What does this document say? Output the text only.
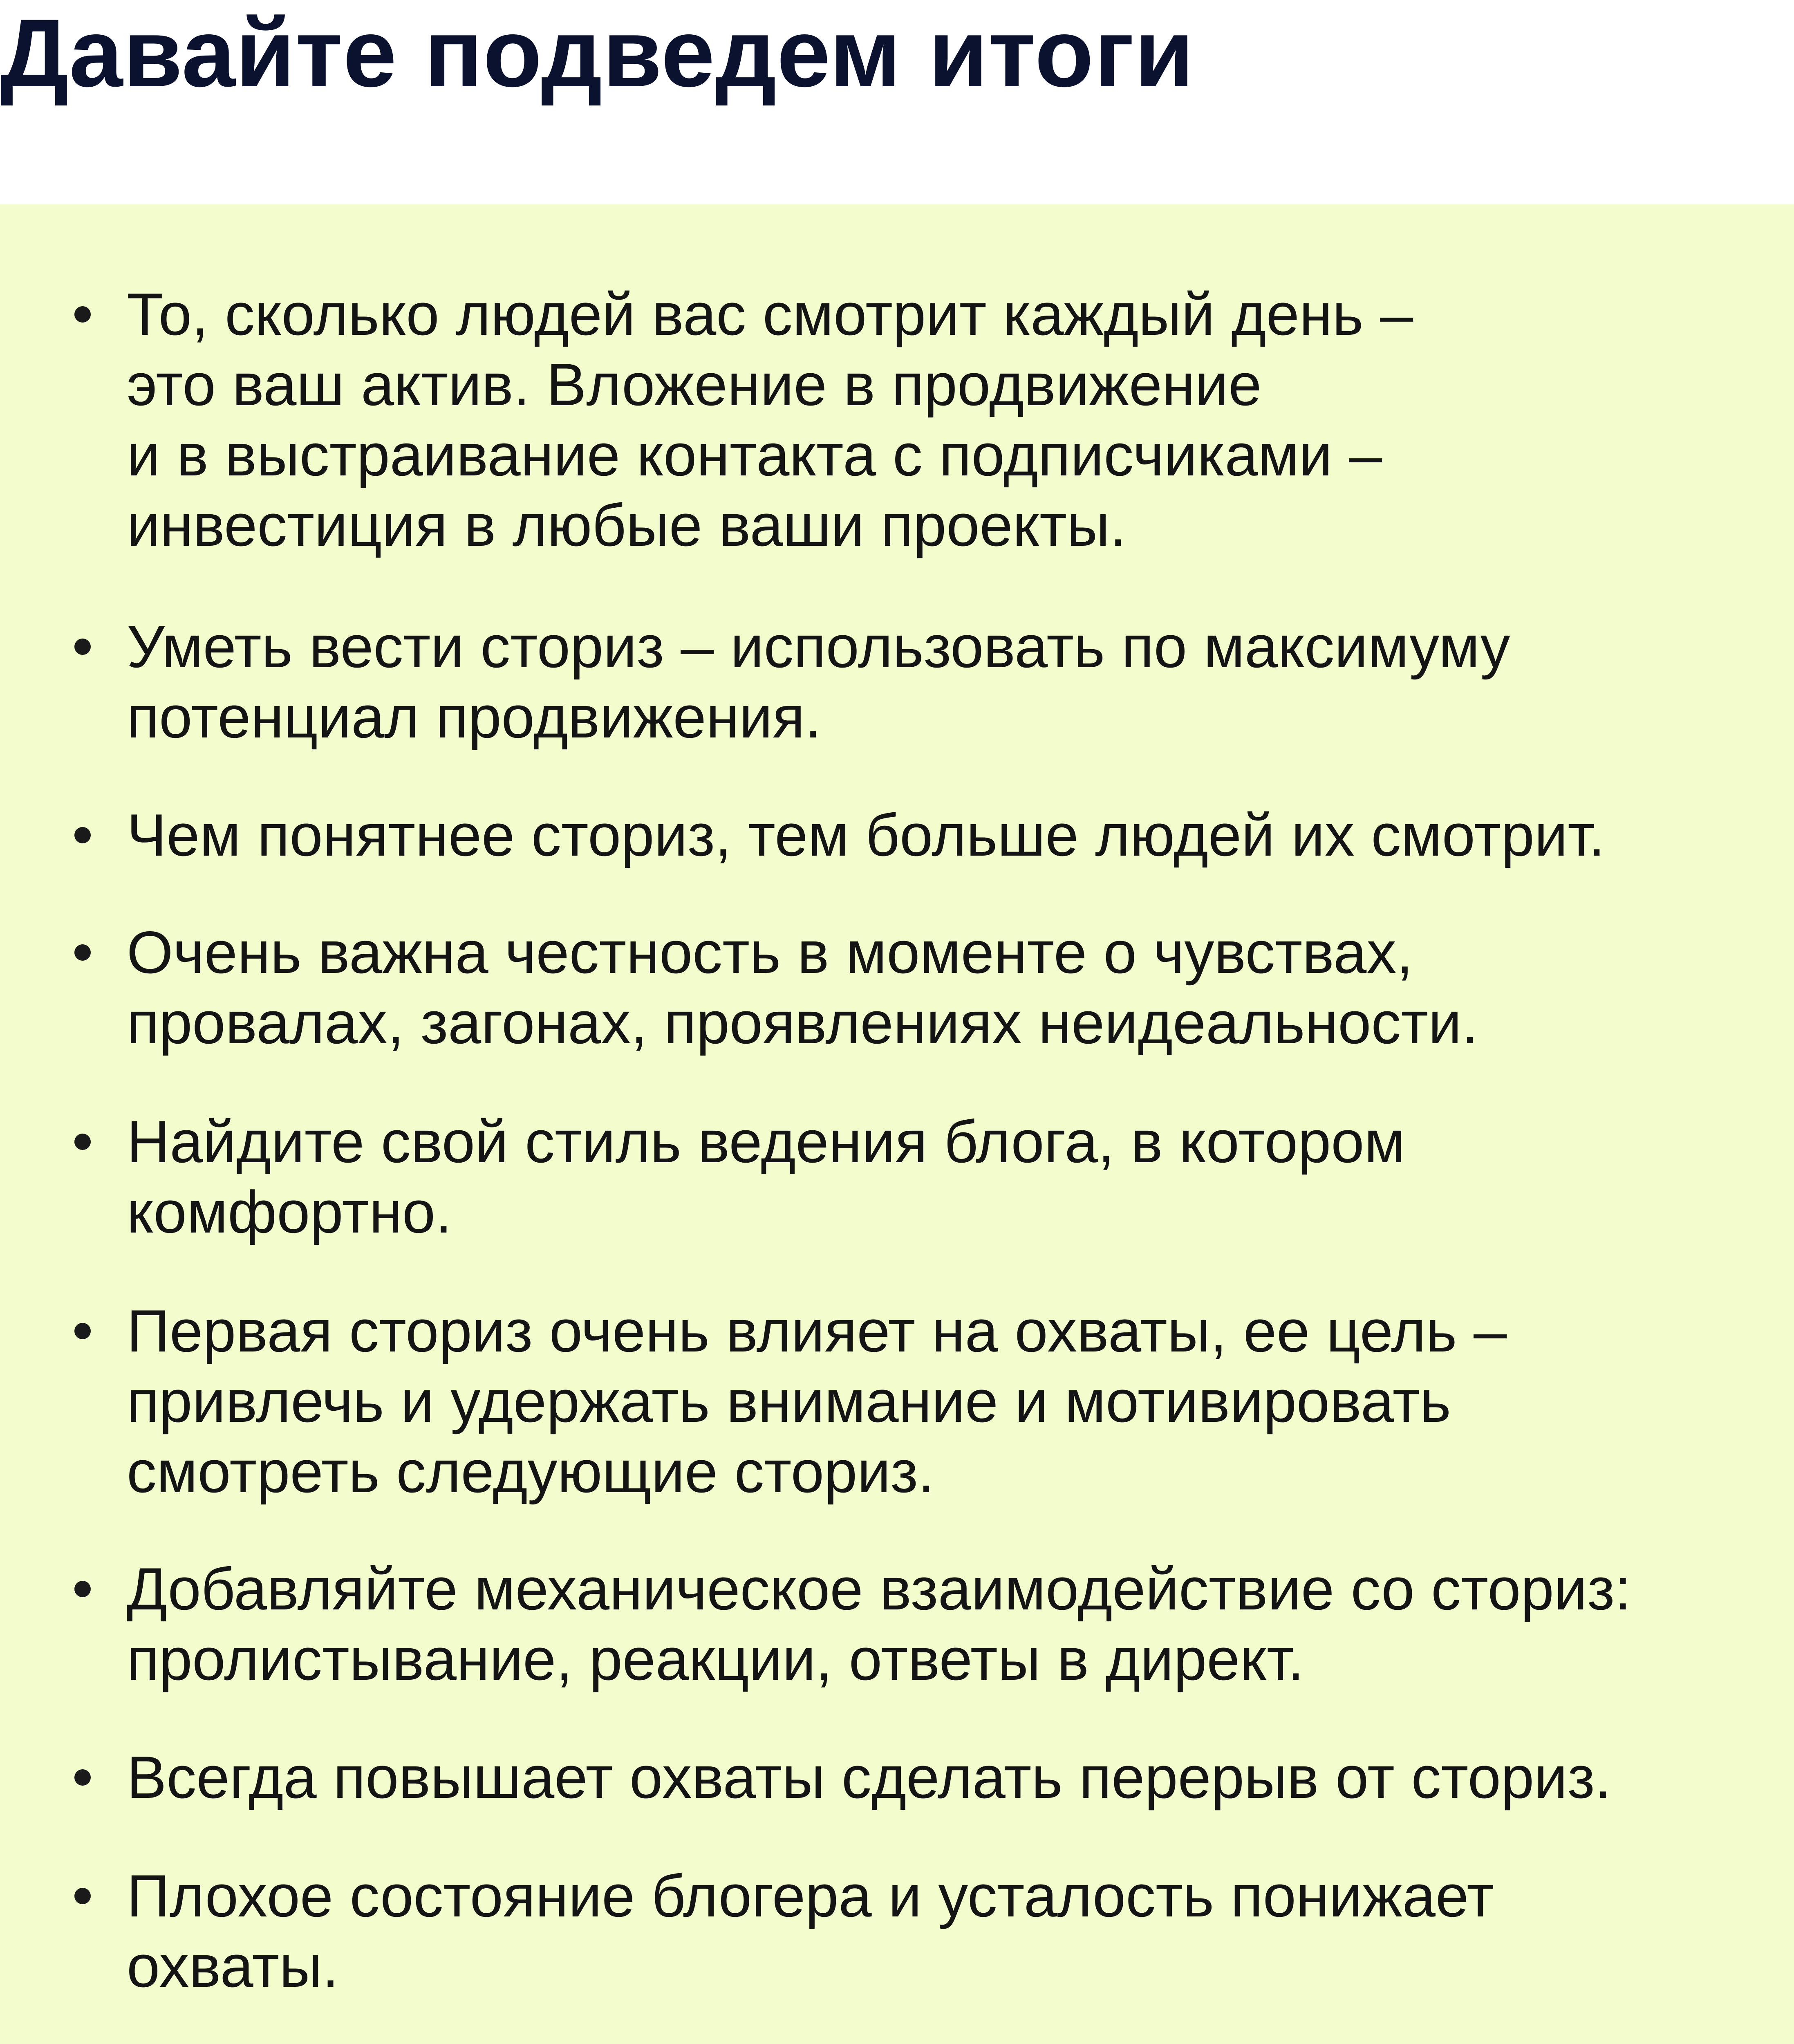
Давайте подведем итоги
То, сколько людей вас смотрит каждый день –
это ваш актив. Вложение в продвижение
и в выстраивание контакта с подписчиками –
инвестиция в любые ваши проекты.
Уметь вести сториз – использовать по максимуму
потенциал продвижения.
Чем понятнее сториз, тем больше людей их смотрит.
Очень важна честность в моменте о чувствах,
провалах, загонах, проявлениях неидеальности.
Найдите свой стиль ведения блога, в котором
комфортно.
Первая сториз очень влияет на охваты, ее цель –
привлечь и удержать внимание и мотивировать
смотреть следующие сториз.
Добавляйте механическое взаимодействие со сториз:
пролистывание, реакции, ответы в директ.
Всегда повышает охваты сделать перерыв от сториз.
Плохое состояние блогера и усталость понижает
охваты.
